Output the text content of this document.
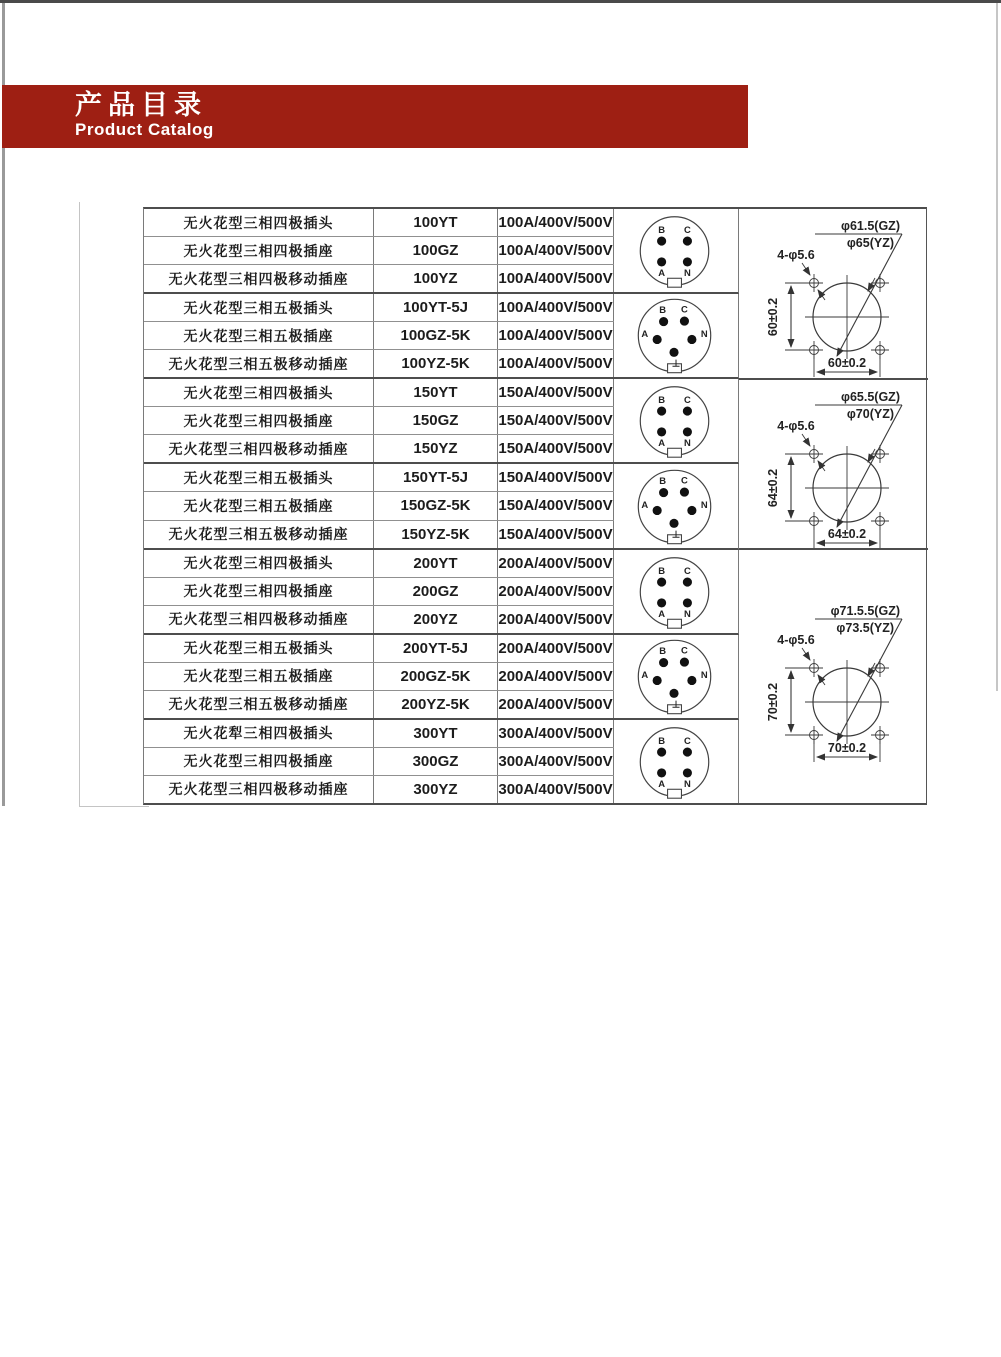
产品目录
Product Catalog
无火花型三相四极插头	100YT	100A/400V/500V
无火花型三相四极插座	100GZ	100A/400V/500V
无火花型三相四极移动插座	100YZ	100A/400V/500V
无火花型三相五极插头	100YT-5J	100A/400V/500V
无火花型三相五极插座	100GZ-5K	100A/400V/500V
无火花型三相五极移动插座	100YZ-5K	100A/400V/500V
无火花型三相四极插头	150YT	150A/400V/500V
无火花型三相四极插座	150GZ	150A/400V/500V
无火花型三相四极移动插座	150YZ	150A/400V/500V
无火花型三相五极插头	150YT-5J	150A/400V/500V
无火花型三相五极插座	150GZ-5K	150A/400V/500V
无火花型三相五极移动插座	150YZ-5K	150A/400V/500V
无火花型三相四极插头	200YT	200A/400V/500V
无火花型三相四极插座	200GZ	200A/400V/500V
无火花型三相四极移动插座	200YZ	200A/400V/500V
无火花型三相五极插头	200YT-5J	200A/400V/500V
无火花型三相五极插座	200GZ-5K	200A/400V/500V
无火花型三相五极移动插座	200YZ-5K	200A/400V/500V
无火花犁三相四极插头	300YT	300A/400V/500V
无火花型三相四极插座	300GZ	300A/400V/500V
无火花型三相四极移动插座	300YZ	300A/400V/500V
B C
A N
B C
A	N
⊥
B C
A N
B C
A	N
⊥
B C
A N
B C
A	N
⊥
B C
A N
φ61.5(GZ)
φ65(YZ)
4-φ5.6
60±0.2
60±0.2
φ65.5(GZ)
φ70(YZ)
4-φ5.6
64±0.2
64±0.2
φ71.5.5(GZ)
φ73.5(YZ)
4-φ5.6
70±0.2
70±0.2
